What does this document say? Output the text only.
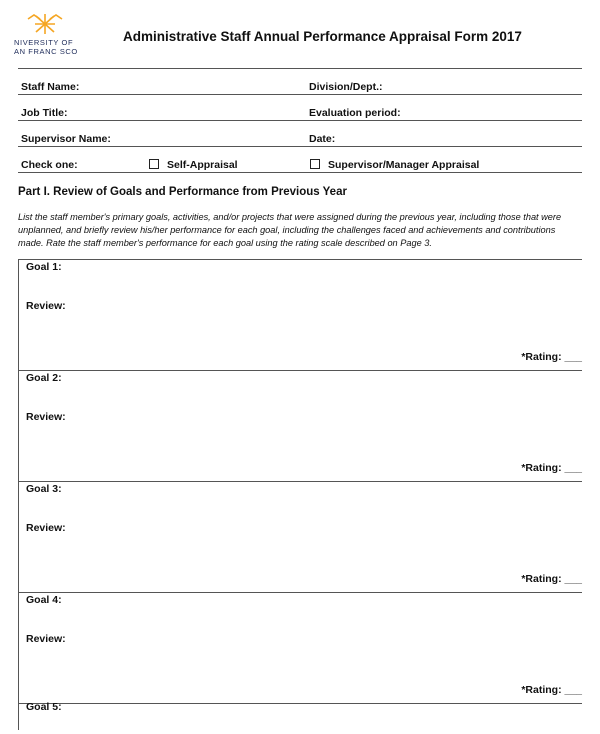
NIVERSITY OF
AN FRANC SCO
Administrative Staff Annual Performance Appraisal Form 2017
Staff Name:	Division/Dept.:
Job Title:	Evaluation period:
Supervisor Name:	Date:
Check one:	Self-Appraisal	Supervisor/Manager Appraisal
Part I. Review of Goals and Performance from Previous Year
List the staff member's primary goals, activities, and/or projects that were assigned during the previous year, including those that were unplanned, and briefly review his/her performance for each goal, including the challenges faced and achievements and contributions made. Rate the staff member's performance for each goal using the rating scale described on Page 3.
Goal 1:
Review:
*Rating: ___
Goal 2:
Review:
*Rating: ___
Goal 3:
Review:
*Rating: ___
Goal 4:
Review:
*Rating: ___
Goal 5:
